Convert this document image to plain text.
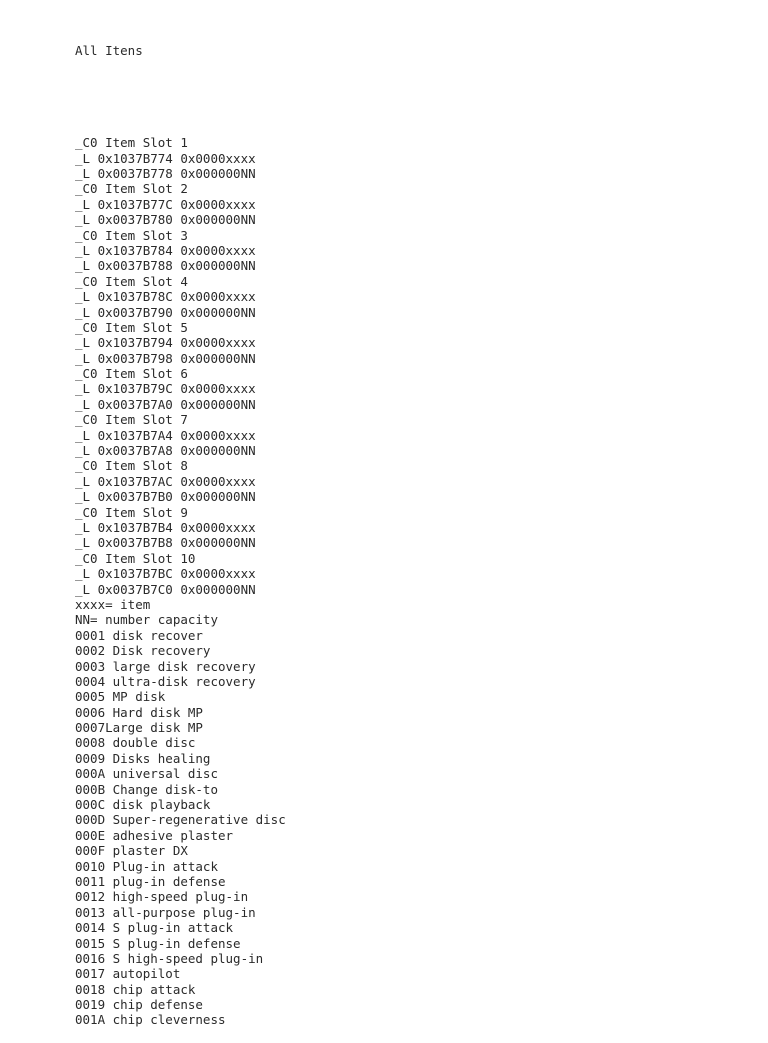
All Itens

_C0 Item Slot 1
_L 0x1037B774 0x0000xxxx
_L 0x0037B778 0x000000NN
_C0 Item Slot 2
_L 0x1037B77C 0x0000xxxx
_L 0x0037B780 0x000000NN
_C0 Item Slot 3
_L 0x1037B784 0x0000xxxx
_L 0x0037B788 0x000000NN
_C0 Item Slot 4
_L 0x1037B78C 0x0000xxxx
_L 0x0037B790 0x000000NN
_C0 Item Slot 5
_L 0x1037B794 0x0000xxxx
_L 0x0037B798 0x000000NN
_C0 Item Slot 6
_L 0x1037B79C 0x0000xxxx
_L 0x0037B7A0 0x000000NN
_C0 Item Slot 7
_L 0x1037B7A4 0x0000xxxx
_L 0x0037B7A8 0x000000NN
_C0 Item Slot 8
_L 0x1037B7AC 0x0000xxxx
_L 0x0037B7B0 0x000000NN
_C0 Item Slot 9
_L 0x1037B7B4 0x0000xxxx
_L 0x0037B7B8 0x000000NN
_C0 Item Slot 10
_L 0x1037B7BC 0x0000xxxx
_L 0x0037B7C0 0x000000NN
xxxx= item
NN= number capacity
0001 disk recover
0002 Disk recovery
0003 large disk recovery
0004 ultra-disk recovery
0005 MP disk
0006 Hard disk MP
0007Large disk MP
0008 double disc
0009 Disks healing
000A universal disc
000B Change disk-to
000C disk playback
000D Super-regenerative disc
000E adhesive plaster
000F plaster DX
0010 Plug-in attack
0011 plug-in defense
0012 high-speed plug-in
0013 all-purpose plug-in
0014 S plug-in attack
0015 S plug-in defense
0016 S high-speed plug-in
0017 autopilot
0018 chip attack
0019 chip defense
001A chip cleverness
